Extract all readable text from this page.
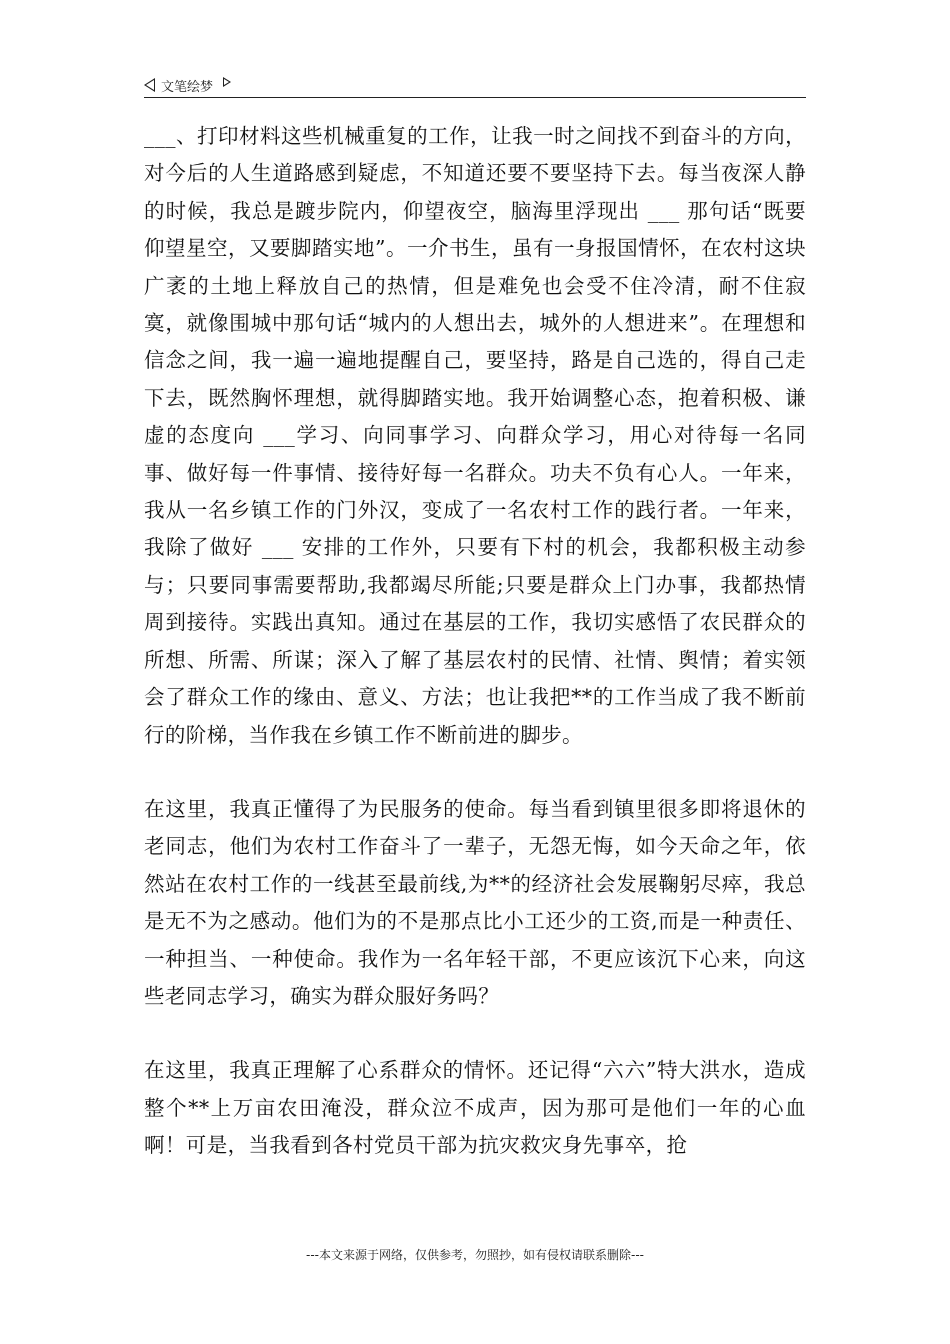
文笔绘梦

___、打印材料这些机械重复的工作，让我一时之间找不到奋斗的方向，对今后的人生道路感到疑虑，不知道还要不要坚持下去。每当夜深人静的时候，我总是踱步院内，仰望夜空，脑海里浮现出 ___ 那句话“既要仰望星空，又要脚踏实地”。一介书生，虽有一身报国情怀，在农村这块广袤的土地上释放自己的热情，但是难免也会受不住冷清，耐不住寂寞，就像围城中那句话“城内的人想出去，城外的人想进来”。在理想和信念之间，我一遍一遍地提醒自己，要坚持，路是自己选的，得自己走下去，既然胸怀理想，就得脚踏实地。我开始调整心态，抱着积极、谦虚的态度向 ___学习、向同事学习、向群众学习，用心对待每一名同事、做好每一件事情、接待好每一名群众。功夫不负有心人。一年来，我从一名乡镇工作的门外汉，变成了一名农村工作的践行者。一年来，我除了做好 ___ 安排的工作外，只要有下村的机会，我都积极主动参与；只要同事需要帮助,我都竭尽所能;只要是群众上门办事，我都热情周到接待。实践出真知。通过在基层的工作，我切实感悟了农民群众的所想、所需、所谋；深入了解了基层农村的民情、社情、舆情；着实领会了群众工作的缘由、意义、方法；也让我把**的工作当成了我不断前行的阶梯，当作我在乡镇工作不断前进的脚步。

在这里，我真正懂得了为民服务的使命。每当看到镇里很多即将退休的老同志，他们为农村工作奋斗了一辈子，无怨无悔，如今天命之年，依然站在农村工作的一线甚至最前线,为**的经济社会发展鞠躬尽瘁，我总是无不为之感动。他们为的不是那点比小工还少的工资,而是一种责任、一种担当、一种使命。我作为一名年轻干部，不更应该沉下心来，向这些老同志学习，确实为群众服好务吗？

在这里，我真正理解了心系群众的情怀。还记得“六六”特大洪水，造成整个**上万亩农田淹没，群众泣不成声，因为那可是他们一年的心血啊！可是，当我看到各村党员干部为抗灾救灾身先事卒，抢

---本文来源于网络，仅供参考，勿照抄，如有侵权请联系删除---
